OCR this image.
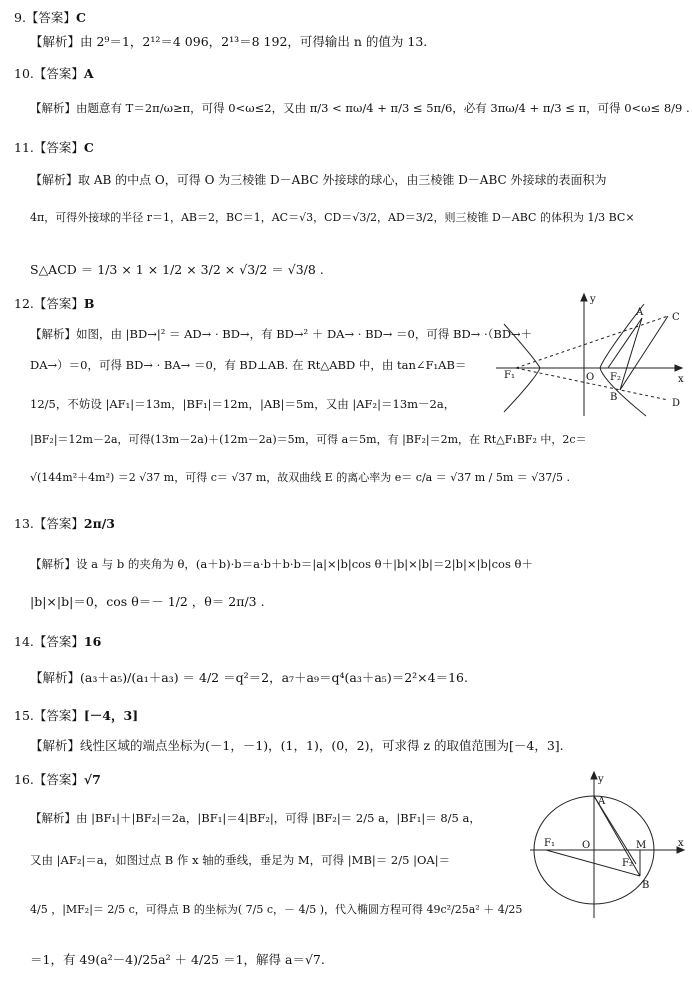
9.【答案】C
【解析】由 2⁹＝1，2¹²＝4 096，2¹³＝8 192，可得输出 n 的值为 13.
10.【答案】A
【解析】由题意有 T＝2π/ω≥π，可得 0<ω≤2，又由 π/3 < πω/4 + π/3 ≤ 5π/6，必有 3πω/4 + π/3 ≤ π，可得 0<ω≤ 8/9 .
11.【答案】C
【解析】取 AB 的中点 O，可得 O 为三棱锥 D－ABC 外接球的球心，由三棱锥 D－ABC 外接球的表面积为
4π，可得外接球的半径 r＝1，AB＝2，BC＝1，AC＝√3，CD＝√3/2，AD＝3/2，则三棱锥 D－ABC 的体积为 1/3 BC×
S△ACD ＝ 1/3 × 1 × 1/2 × 3/2 × √3/2 ＝ √3/8 .
12.【答案】B
【解析】如图，由 |BD→|² ＝ AD→ · BD→，有 BD→² ＋ DA→ · BD→ ＝0，可得 BD→ ·（BD→＋
DA→）＝0，可得 BD→ · BA→ ＝0，有 BD⊥AB. 在 Rt△ABD 中，由 tan∠F₁AB＝
12/5，不妨设 |AF₁|＝13m，|BF₁|＝12m，|AB|＝5m，又由 |AF₂|＝13m－2a，
|BF₂|＝12m－2a，可得(13m－2a)＋(12m－2a)＝5m，可得 a＝5m，有 |BF₂|＝2m，在 Rt△F₁BF₂ 中，2c＝
√(144m²＋4m²) ＝2 √37 m，可得 c＝ √37 m，故双曲线 E 的离心率为 e＝ c/a ＝ √37 m / 5m ＝ √37/5 .
y
A	C
F₁	O F₂	x
B
D
13.【答案】2π/3
【解析】设 a 与 b 的夹角为 θ，(a＋b)·b＝a·b＋b·b＝|a|×|b|cos θ＋|b|×|b|＝2|b|×|b|cos θ＋
|b|×|b|＝0，cos θ＝－ 1/2 ，θ＝ 2π/3 .
14.【答案】16
【解析】(a₃＋a₅)/(a₁＋a₃) ＝ 4/2 ＝q²＝2，a₇＋a₉＝q⁴(a₃＋a₅)＝2²×4＝16.
15.【答案】[－4，3]
【解析】线性区域的端点坐标为(－1，－1)，(1，1)，(0，2)，可求得 z 的取值范围为[－4，3].
16.【答案】√7
【解析】由 |BF₁|＋|BF₂|＝2a，|BF₁|＝4|BF₂|，可得 |BF₂|＝ 2/5 a，|BF₁|＝ 8/5 a，
又由 |AF₂|＝a，如图过点 B 作 x 轴的垂线，垂足为 M，可得 |MB|＝ 2/5 |OA|＝
4/5 ，|MF₂|＝ 2/5 c，可得点 B 的坐标为( 7/5 c，－ 4/5 )，代入椭圆方程可得 49c²/25a² ＋ 4/25
＝1，有 49(a²－4)/25a² ＋ 4/25 ＝1，解得 a＝√7.
y
A
F₁	O	M
F₂
x
B
